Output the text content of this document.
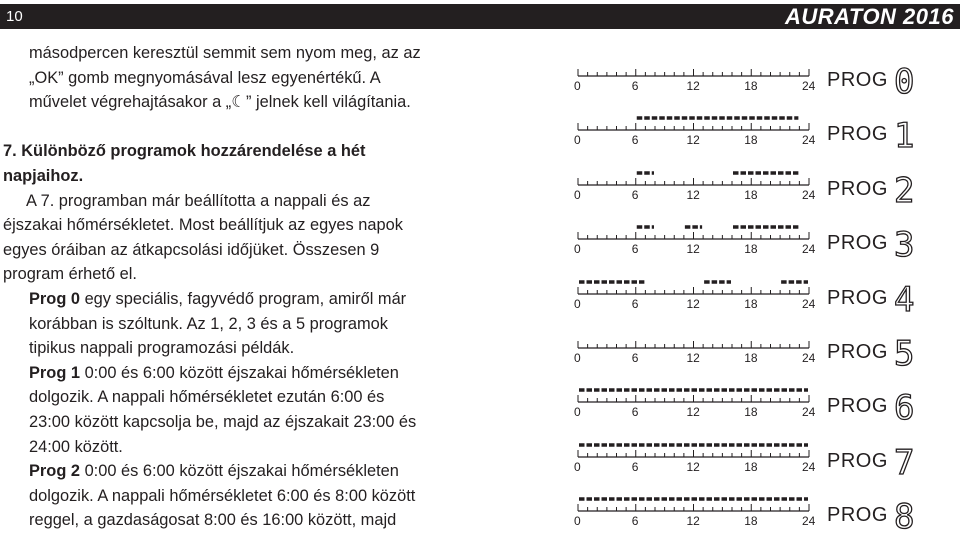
10	AURATON 2016
másodpercen keresztül semmit sem nyom meg, az az
„OK” gomb megnyomásával lesz egyenértékű. A
művelet végrehajtásakor a „☾” jelnek kell világítania.
7. Különböző programok hozzárendelése a hét
napjaihoz.
A 7. programban már beállította a nappali és az
éjszakai hőmérsékletet. Most beállítjuk az egyes napok
egyes óráiban az átkapcsolási időjüket. Összesen 9
program érhető el.
Prog 0 egy speciális, fagyvédő program, amiről már
korábban is szóltunk. Az 1, 2, 3 és a 5 programok
tipikus nappali programozási példák.
Prog 1 0:00 és 6:00 között éjszakai hőmérsékleten
dolgozik. A nappali hőmérsékletet ezután 6:00 és
23:00 között kapcsolja be, majd az éjszakait 23:00 és
24:00 között.
Prog 2 0:00 és 6:00 között éjszakai hőmérsékleten
dolgozik. A nappali hőmérsékletet 6:00 és 8:00 között
reggel, a gazdaságosat 8:00 és 16:00 között, majd
0
0	6	12	18	24 PROG
1
0	6	12	18	24 PROG
2
0	6	12	18	24 PROG
3
0	6	12	18	24 PROG
4
0	6	12	18	24 PROG
5
0	6	12	18	24 PROG
6
0	6	12	18	24 PROG
7
0	6	12	18	24 PROG
8
0	6	12	18	24 PROG
